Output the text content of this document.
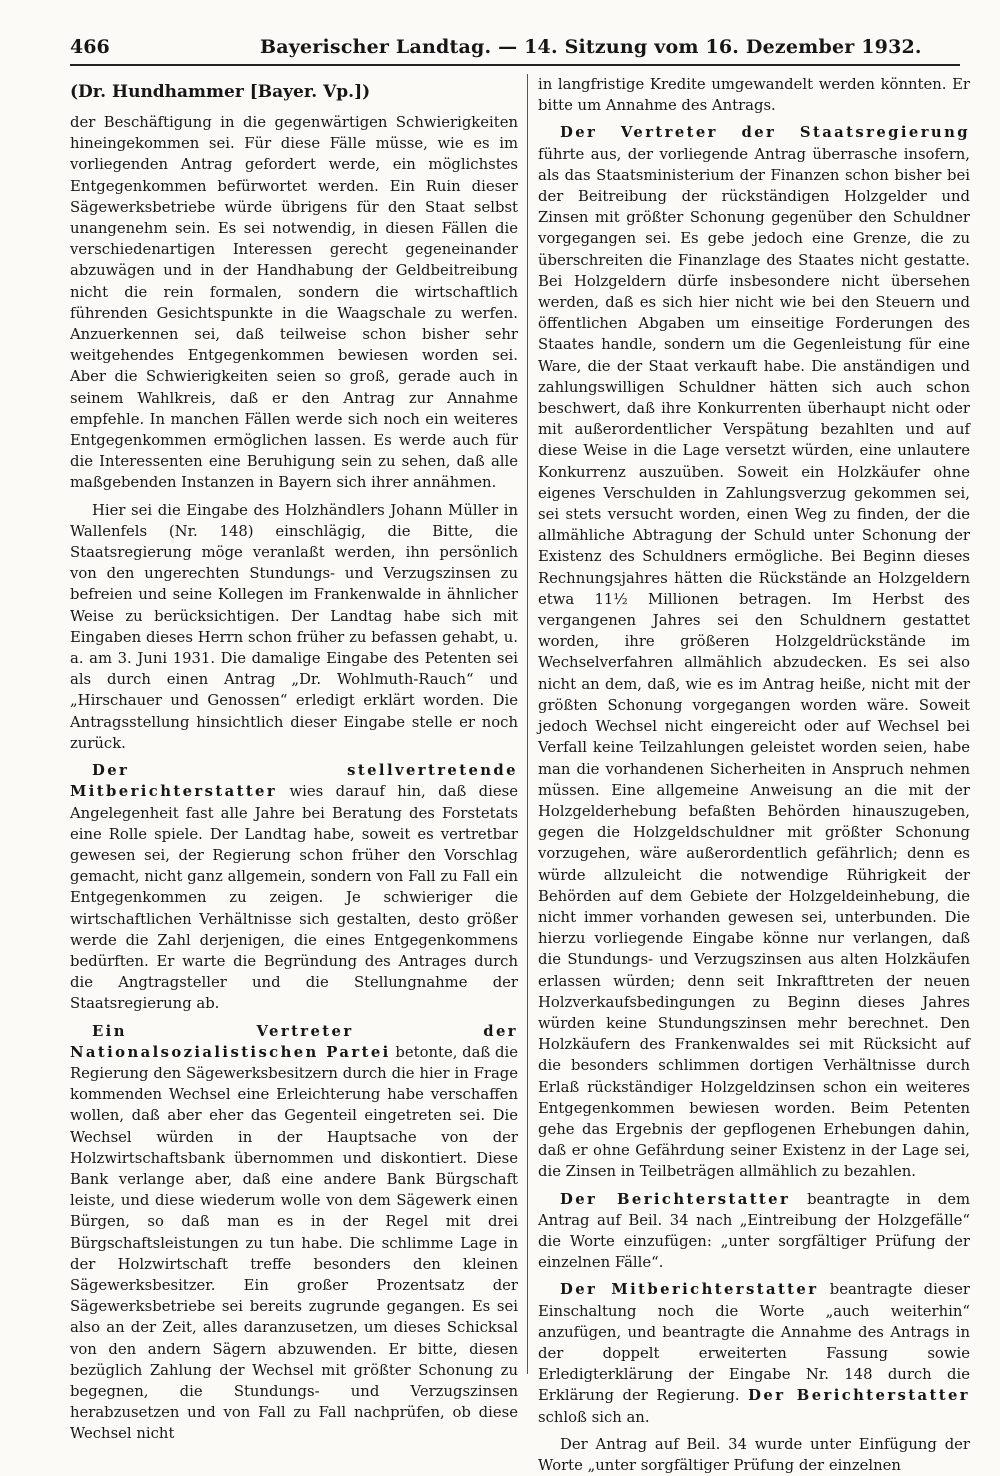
466	Bayerischer Landtag. — 14. Sitzung vom 16. Dezember 1932.
(Dr. Hundhammer [Bayer. Vp.])

der Beschäftigung in die gegenwärtigen Schwierigkeiten hineingekommen sei. Für diese Fälle müsse, wie es im vorliegenden Antrag gefordert werde, ein möglichstes Entgegenkommen befürwortet werden. Ein Ruin dieser Sägewerksbetriebe würde übrigens für den Staat selbst unangenehm sein. Es sei notwendig, in diesen Fällen die verschiedenartigen Interessen gerecht gegeneinander abzuwägen und in der Handhabung der Geldbeitreibung nicht die rein formalen, sondern die wirtschaftlich führenden Gesichtspunkte in die Waagschale zu werfen. Anzuerkennen sei, daß teilweise schon bisher sehr weitgehendes Entgegenkommen bewiesen worden sei. Aber die Schwierigkeiten seien so groß, gerade auch in seinem Wahlkreis, daß er den Antrag zur Annahme empfehle. In manchen Fällen werde sich noch ein weiteres Entgegenkommen ermöglichen lassen. Es werde auch für die Interessenten eine Beruhigung sein zu sehen, daß alle maßgebenden Instanzen in Bayern sich ihrer annähmen.

Hier sei die Eingabe des Holzhändlers Johann Müller in Wallenfels (Nr. 148) einschlägig, die Bitte, die Staatsregierung möge veranlaßt werden, ihn persönlich von den ungerechten Stundungs- und Verzugszinsen zu befreien und seine Kollegen im Frankenwalde in ähnlicher Weise zu berücksichtigen. Der Landtag habe sich mit Eingaben dieses Herrn schon früher zu befassen gehabt, u. a. am 3. Juni 1931. Die damalige Eingabe des Petenten sei als durch einen Antrag „Dr. Wohlmuth-Rauch“ und „Hirschauer und Genossen“ erledigt erklärt worden. Die Antragsstellung hinsichtlich dieser Eingabe stelle er noch zurück.

Der stellvertretende Mitberichterstatter wies darauf hin, daß diese Angelegenheit fast alle Jahre bei Beratung des Forstetats eine Rolle spiele. Der Landtag habe, soweit es vertretbar gewesen sei, der Regierung schon früher den Vorschlag gemacht, nicht ganz allgemein, sondern von Fall zu Fall ein Entgegenkommen zu zeigen. Je schwieriger die wirtschaftlichen Verhältnisse sich gestalten, desto größer werde die Zahl derjenigen, die eines Entgegenkommens bedürften. Er warte die Begründung des Antrages durch die Angtragsteller und die Stellungnahme der Staatsregierung ab.

Ein Vertreter der Nationalsozialistischen Partei betonte, daß die Regierung den Sägewerksbesitzern durch die hier in Frage kommenden Wechsel eine Erleichterung habe verschaffen wollen, daß aber eher das Gegenteil eingetreten sei. Die Wechsel würden in der Hauptsache von der Holzwirtschaftsbank übernommen und diskontiert. Diese Bank verlange aber, daß eine andere Bank Bürgschaft leiste, und diese wiederum wolle von dem Sägewerk einen Bürgen, so daß man es in der Regel mit drei Bürgschaftsleistungen zu tun habe. Die schlimme Lage in der Holzwirtschaft treffe besonders den kleinen Sägewerksbesitzer. Ein großer Prozentsatz der Sägewerksbetriebe sei bereits zugrunde gegangen. Es sei also an der Zeit, alles daranzusetzen, um dieses Schicksal von den andern Sägern abzuwenden. Er bitte, diesen bezüglich Zahlung der Wechsel mit größter Schonung zu begegnen, die Stundungs- und Verzugszinsen herabzusetzen und von Fall zu Fall nachprüfen, ob diese Wechsel nicht

in langfristige Kredite umgewandelt werden könnten. Er bitte um Annahme des Antrags.

Der Vertreter der Staatsregierung führte aus, der vorliegende Antrag überrasche insofern, als das Staatsministerium der Finanzen schon bisher bei der Beitreibung der rückständigen Holzgelder und Zinsen mit größter Schonung gegenüber den Schuldner vorgegangen sei. Es gebe jedoch eine Grenze, die zu überschreiten die Finanzlage des Staates nicht gestatte. Bei Holzgeldern dürfe insbesondere nicht übersehen werden, daß es sich hier nicht wie bei den Steuern und öffentlichen Abgaben um einseitige Forderungen des Staates handle, sondern um die Gegenleistung für eine Ware, die der Staat verkauft habe. Die anständigen und zahlungswilligen Schuldner hätten sich auch schon beschwert, daß ihre Konkurrenten überhaupt nicht oder mit außerordentlicher Verspätung bezahlten und auf diese Weise in die Lage versetzt würden, eine unlautere Konkurrenz auszuüben. Soweit ein Holzkäufer ohne eigenes Verschulden in Zahlungsverzug gekommen sei, sei stets versucht worden, einen Weg zu finden, der die allmähliche Abtragung der Schuld unter Schonung der Existenz des Schuldners ermögliche. Bei Beginn dieses Rechnungsjahres hätten die Rückstände an Holzgeldern etwa 11½ Millionen betragen. Im Herbst des vergangenen Jahres sei den Schuldnern gestattet worden, ihre größeren Holzgeldrückstände im Wechselverfahren allmählich abzudecken. Es sei also nicht an dem, daß, wie es im Antrag heiße, nicht mit der größten Schonung vorgegangen worden wäre. Soweit jedoch Wechsel nicht eingereicht oder auf Wechsel bei Verfall keine Teilzahlungen geleistet worden seien, habe man die vorhandenen Sicherheiten in Anspruch nehmen müssen. Eine allgemeine Anweisung an die mit der Holzgelderhebung befaßten Behörden hinauszugeben, gegen die Holzgeldschuldner mit größter Schonung vorzugehen, wäre außerordentlich gefährlich; denn es würde allzuleicht die notwendige Rührigkeit der Behörden auf dem Gebiete der Holzgeldeinhebung, die nicht immer vorhanden gewesen sei, unterbunden. Die hierzu vorliegende Eingabe könne nur verlangen, daß die Stundungs- und Verzugszinsen aus alten Holzkäufen erlassen würden; denn seit Inkrafttreten der neuen Holzverkaufsbedingungen zu Beginn dieses Jahres würden keine Stundungszinsen mehr berechnet. Den Holzkäufern des Frankenwaldes sei mit Rücksicht auf die besonders schlimmen dortigen Verhältnisse durch Erlaß rückständiger Holzgeldzinsen schon ein weiteres Entgegenkommen bewiesen worden. Beim Petenten gehe das Ergebnis der gepflogenen Erhebungen dahin, daß er ohne Gefährdung seiner Existenz in der Lage sei, die Zinsen in Teilbeträgen allmählich zu bezahlen.

Der Berichterstatter beantragte in dem Antrag auf Beil. 34 nach „Eintreibung der Holzgefälle“ die Worte einzufügen: „unter sorgfältiger Prüfung der einzelnen Fälle“.

Der Mitberichterstatter beantragte dieser Einschaltung noch die Worte „auch weiterhin“ anzufügen, und beantragte die Annahme des Antrags in der doppelt erweiterten Fassung sowie Erledigterklärung der Eingabe Nr. 148 durch die Erklärung der Regierung. Der Berichterstatter schloß sich an.

Der Antrag auf Beil. 34 wurde unter Einfügung der Worte „unter sorgfältiger Prüfung der einzelnen
